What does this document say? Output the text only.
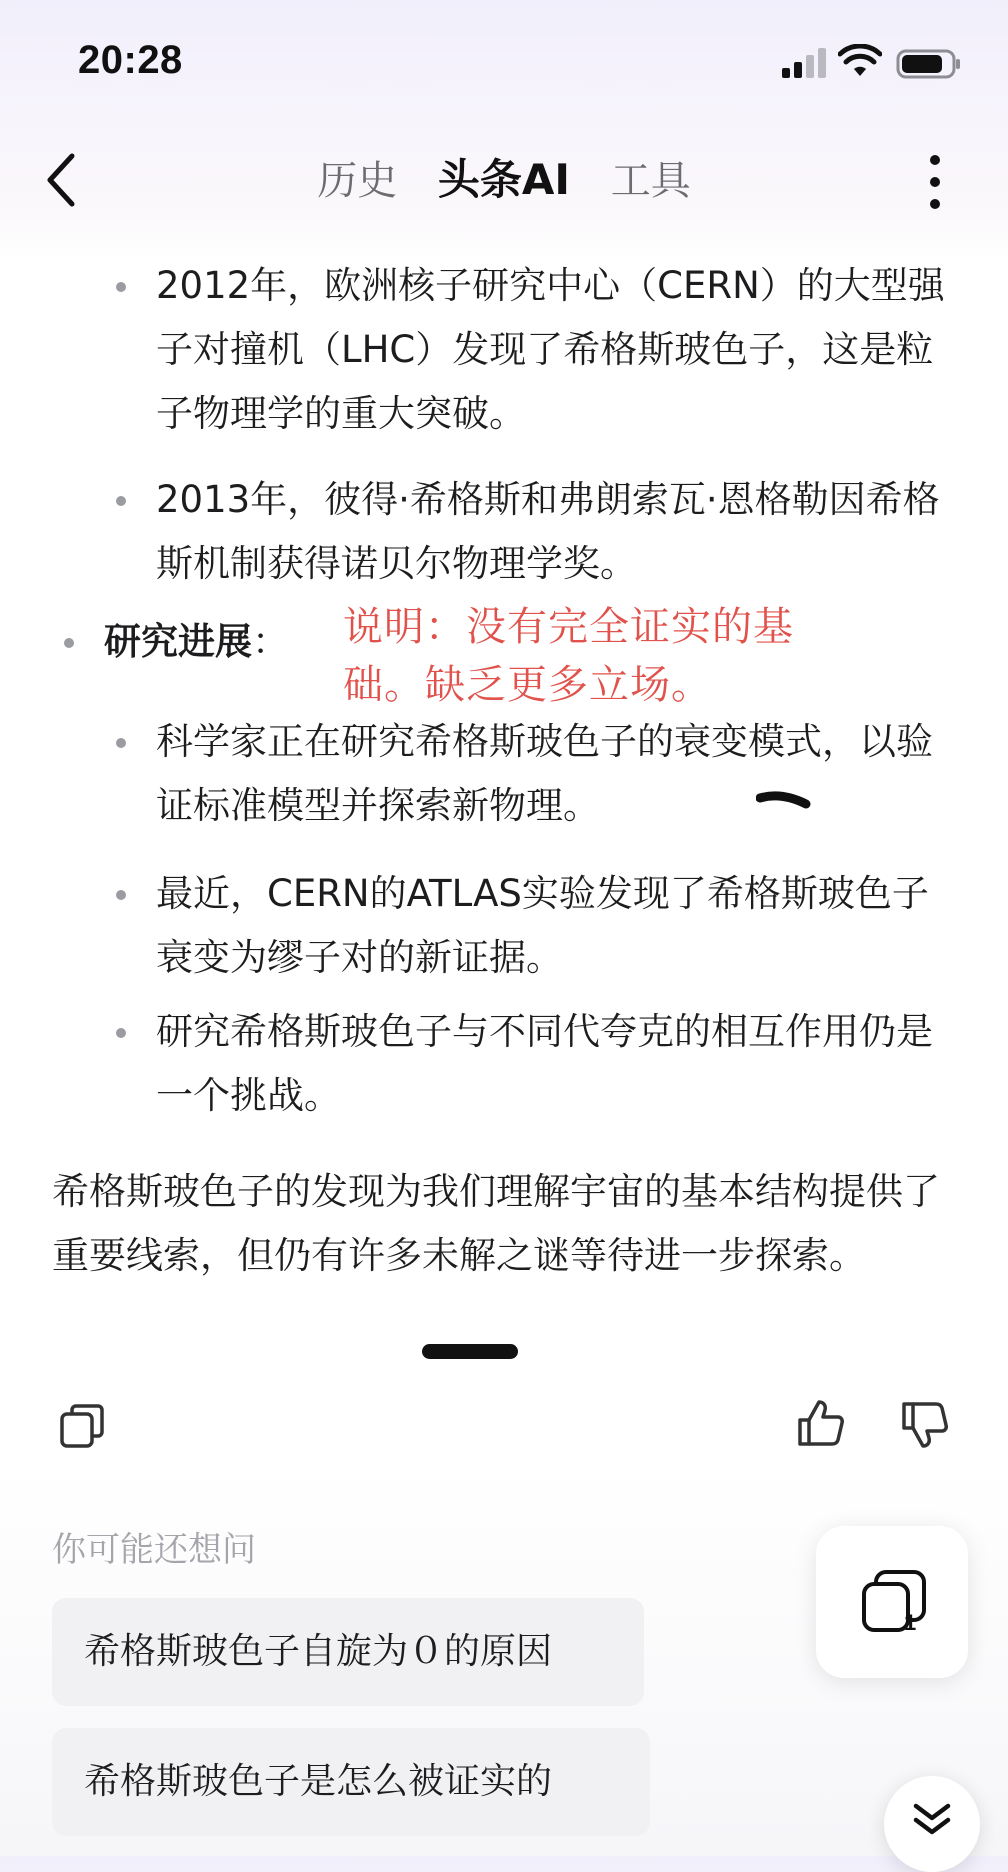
20:28
历史 头条AI 工具
2012年，欧洲核子研究中心（CERN）的大型强子对撞机（LHC）发现了希格斯玻色子，这是粒子物理学的重大突破。
2013年，彼得·希格斯和弗朗索瓦·恩格勒因希格斯机制获得诺贝尔物理学奖。
研究进展：	说明：没有完全证实的基础。缺乏更多立场。
科学家正在研究希格斯玻色子的衰变模式，以验证标准模型并探索新物理。
最近，CERN的ATLAS实验发现了希格斯玻色子衰变为缪子对的新证据。
研究希格斯玻色子与不同代夸克的相互作用仍是一个挑战。
希格斯玻色子的发现为我们理解宇宙的基本结构提供了重要线索，但仍有许多未解之谜等待进一步探索。
你可能还想问
希格斯玻色子自旋为０的原因
希格斯玻色子是怎么被证实的
1
